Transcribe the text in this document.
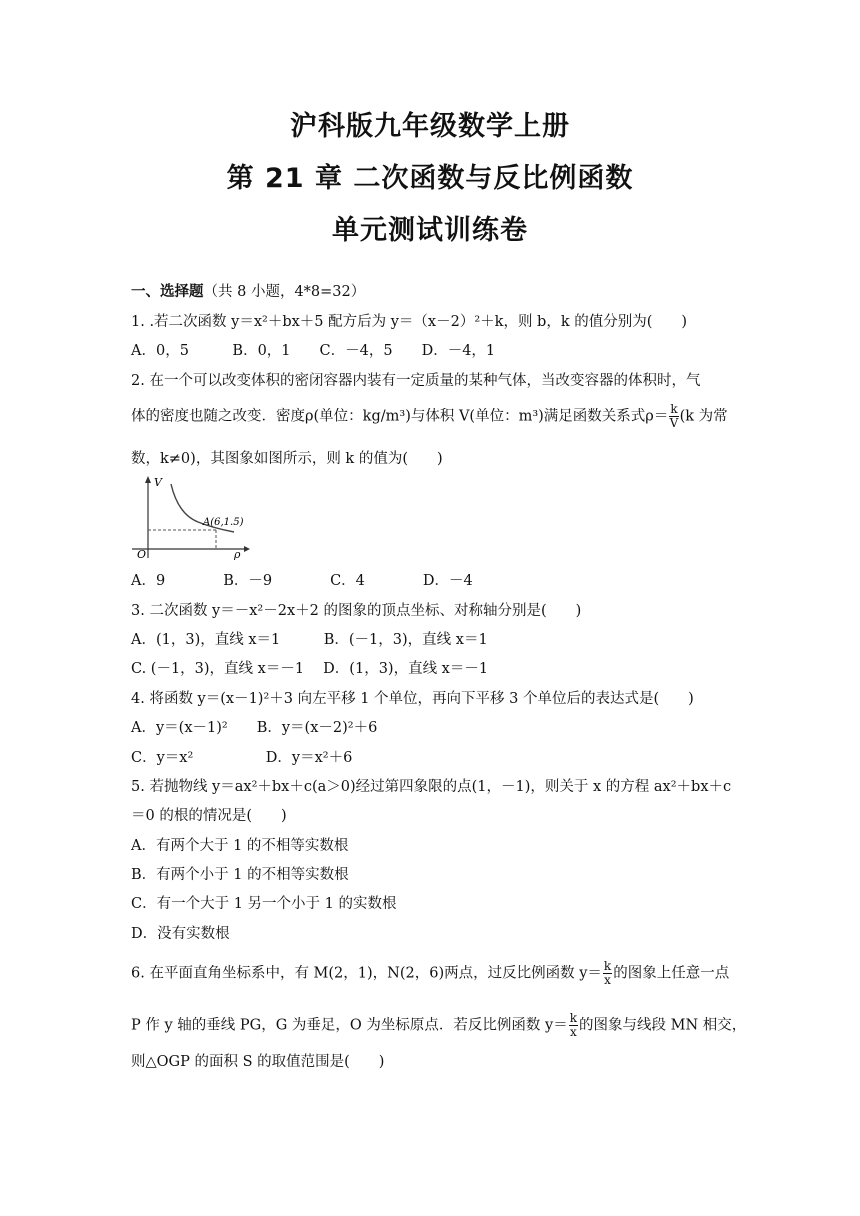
沪科版九年级数学上册
第 21 章 二次函数与反比例函数
单元测试训练卷
一、选择题（共 8 小题，4*8=32）
1. .若二次函数 y＝x²＋bx＋5 配方后为 y＝（x－2）²＋k，则 b，k 的值分别为(　　)
A．0，5　　　B．0，1　　C．－4，5　　D．－4，1
2. 在一个可以改变体积的密闭容器内装有一定质量的某种气体，当改变容器的体积时，气
体的密度也随之改变．密度ρ(单位：kg/m³)与体积 V(单位：m³)满足函数关系式$\rho= \frac{k}{V} (k$ 为常
数，k≠0)，其图象如图所示，则 k 的值为(　　)
V
ρ
O
A(6,1.5)
A．9　　　　B．－9　　　　C．4　　　　D．－4
3. 二次函数 y＝－x²－2x＋2 的图象的顶点坐标、对称轴分别是(　　)
A．(1，3)，直线 x＝1　　　B．(－1，3)，直线 x＝1
C. (－1，3)，直线 x＝－1　 D．(1，3)，直线 x＝－1
4. 将函数 y＝(x－1)²＋3 向左平移 1 个单位，再向下平移 3 个单位后的表达式是(　　)
A．y＝(x－1)²　　B．y＝(x－2)²＋6
C．y＝x²　　　　　D．y＝x²＋6
5. 若抛物线 y＝ax²＋bx＋c(a＞0)经过第四象限的点(1，－1)，则关于 x 的方程 ax²＋bx＋c
＝0 的根的情况是(　　)
A．有两个大于 1 的不相等实数根
B．有两个小于 1 的不相等实数根
C．有一个大于 1 另一个小于 1 的实数根
D．没有实数根
6. 在平面直角坐标系中，有 M(2，1)，N(2，6)两点，过反比例函数 $y= \frac{k}{x}$ 的图象上任意一点
P 作 y 轴的垂线 PG，G 为垂足，O 为坐标原点．若反比例函数 $y= \frac{k}{x}$ 的图象与线段 MN 相交，
则△OGP 的面积 S 的取值范围是(　　)
